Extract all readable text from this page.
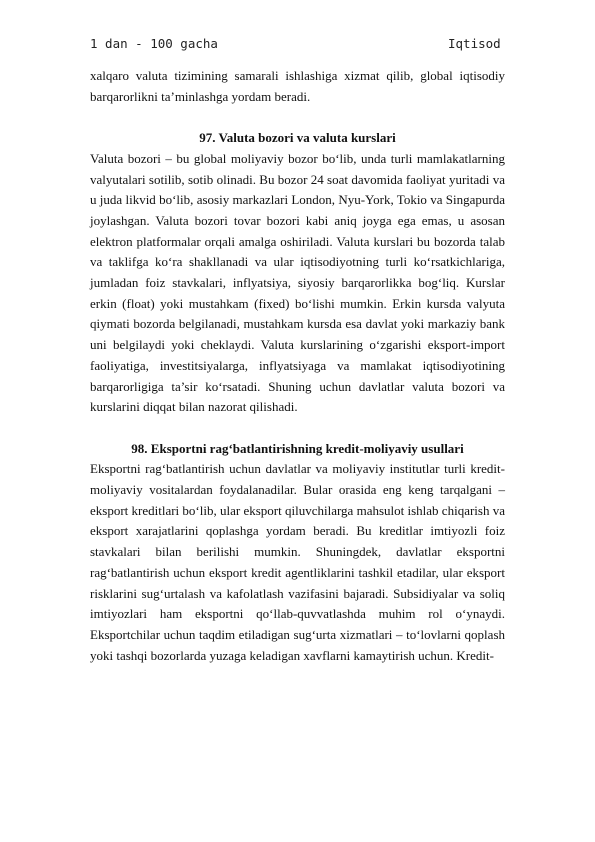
1 dan - 100 gacha	Iqtisod

xalqaro valuta tizimining samarali ishlashiga xizmat qilib, global iqtisodiy barqarorlikni ta’minlashga yordam beradi.

97. Valuta bozori va valuta kurslari

Valuta bozori – bu global moliyaviy bozor bo‘lib, unda turli mamlakatlarning valyutalari sotilib, sotib olinadi. Bu bozor 24 soat davomida faoliyat yuritadi va u juda likvid bo‘lib, asosiy markazlari London, Nyu-York, Tokio va Singapurda joylashgan. Valuta bozori tovar bozori kabi aniq joyga ega emas, u asosan elektron platformalar orqali amalga oshiriladi. Valuta kurslari bu bozorda talab va taklifga ko‘ra shakllanadi va ular iqtisodiyotning turli ko‘rsatkichlariga, jumladan foiz stavkalari, inflyatsiya, siyosiy barqarorlikka bog‘liq. Kurslar erkin (float) yoki mustahkam (fixed) bo‘lishi mumkin. Erkin kursda valyuta qiymati bozorda belgilanadi, mustahkam kursda esa davlat yoki markaziy bank uni belgilaydi yoki cheklaydi. Valuta kurslarining o‘zgarishi eksport-import faoliyatiga, investitsiyalarga, inflyatsiyaga va mamlakat iqtisodiyotining barqarorligiga ta’sir ko‘rsatadi. Shuning uchun davlatlar valuta bozori va kurslarini diqqat bilan nazorat qilishadi.

98. Eksportni rag‘batlantirishning kredit-moliyaviy usullari

Eksportni rag‘batlantirish uchun davlatlar va moliyaviy institutlar turli kredit-moliyaviy vositalardan foydalanadilar. Bular orasida eng keng tarqalgani – eksport kreditlari bo‘lib, ular eksport qiluvchilarga mahsulot ishlab chiqarish va eksport xarajatlarini qoplashga yordam beradi. Bu kreditlar imtiyozli foiz stavkalari bilan berilishi mumkin. Shuningdek, davlatlar eksportni rag‘batlantirish uchun eksport kredit agentliklarini tashkil etadilar, ular eksport risklarini sug‘urtalash va kafolatlash vazifasini bajaradi. Subsidiyalar va soliq imtiyozlari ham eksportni qo‘llab-quvvatlashda muhim rol o‘ynaydi. Eksportchilar uchun taqdim etiladigan sug‘urta xizmatlari – to‘lovlarni qoplash yoki tashqi bozorlarda yuzaga keladigan xavflarni kamaytirish uchun. Kredit-
